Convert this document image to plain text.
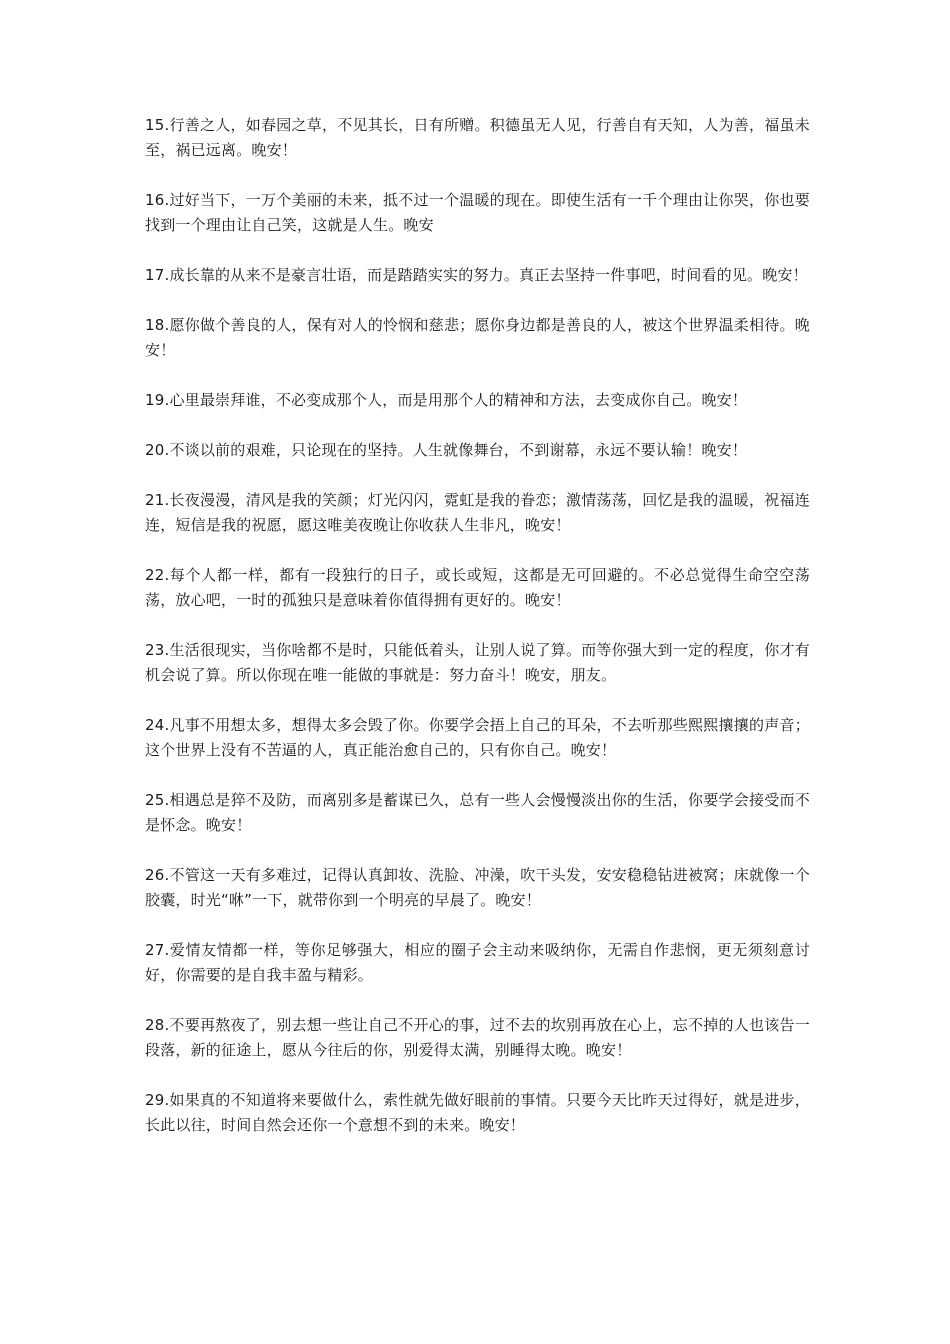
15.行善之人，如春园之草，不见其长，日有所赠。积德虽无人见，行善自有天知，人为善，福虽未至，祸已远离。晚安！

16.过好当下，一万个美丽的未来，抵不过一个温暖的现在。即使生活有一千个理由让你哭，你也要找到一个理由让自己笑，这就是人生。晚安

17.成长靠的从来不是豪言壮语，而是踏踏实实的努力。真正去坚持一件事吧，时间看的见。晚安！

18.愿你做个善良的人，保有对人的怜悯和慈悲；愿你身边都是善良的人，被这个世界温柔相待。晚安！

19.心里最崇拜谁，不必变成那个人，而是用那个人的精神和方法，去变成你自己。晚安！

20.不谈以前的艰难，只论现在的坚持。人生就像舞台，不到谢幕，永远不要认输！晚安！

21.长夜漫漫，清风是我的笑颜；灯光闪闪，霓虹是我的眷恋；激情荡荡，回忆是我的温暖，祝福连连，短信是我的祝愿，愿这唯美夜晚让你收获人生非凡，晚安！

22.每个人都一样，都有一段独行的日子，或长或短，这都是无可回避的。不必总觉得生命空空荡荡，放心吧，一时的孤独只是意味着你值得拥有更好的。晚安！

23.生活很现实，当你啥都不是时，只能低着头，让别人说了算。而等你强大到一定的程度，你才有机会说了算。所以你现在唯一能做的事就是：努力奋斗！晚安，朋友。

24.凡事不用想太多，想得太多会毁了你。你要学会捂上自己的耳朵，不去听那些熙熙攘攘的声音；这个世界上没有不苦逼的人，真正能治愈自己的，只有你自己。晚安！

25.相遇总是猝不及防，而离别多是蓄谋已久，总有一些人会慢慢淡出你的生活，你要学会接受而不是怀念。晚安！

26.不管这一天有多难过，记得认真卸妆、洗脸、冲澡，吹干头发，安安稳稳钻进被窝；床就像一个胶囊，时光“咻”一下，就带你到一个明亮的早晨了。晚安！

27.爱情友情都一样，等你足够强大，相应的圈子会主动来吸纳你，无需自作悲悯，更无须刻意讨好，你需要的是自我丰盈与精彩。

28.不要再熬夜了，别去想一些让自己不开心的事，过不去的坎别再放在心上，忘不掉的人也该告一段落，新的征途上，愿从今往后的你，别爱得太满，别睡得太晚。晚安！

29.如果真的不知道将来要做什么，索性就先做好眼前的事情。只要今天比昨天过得好，就是进步，长此以往，时间自然会还你一个意想不到的未来。晚安！
